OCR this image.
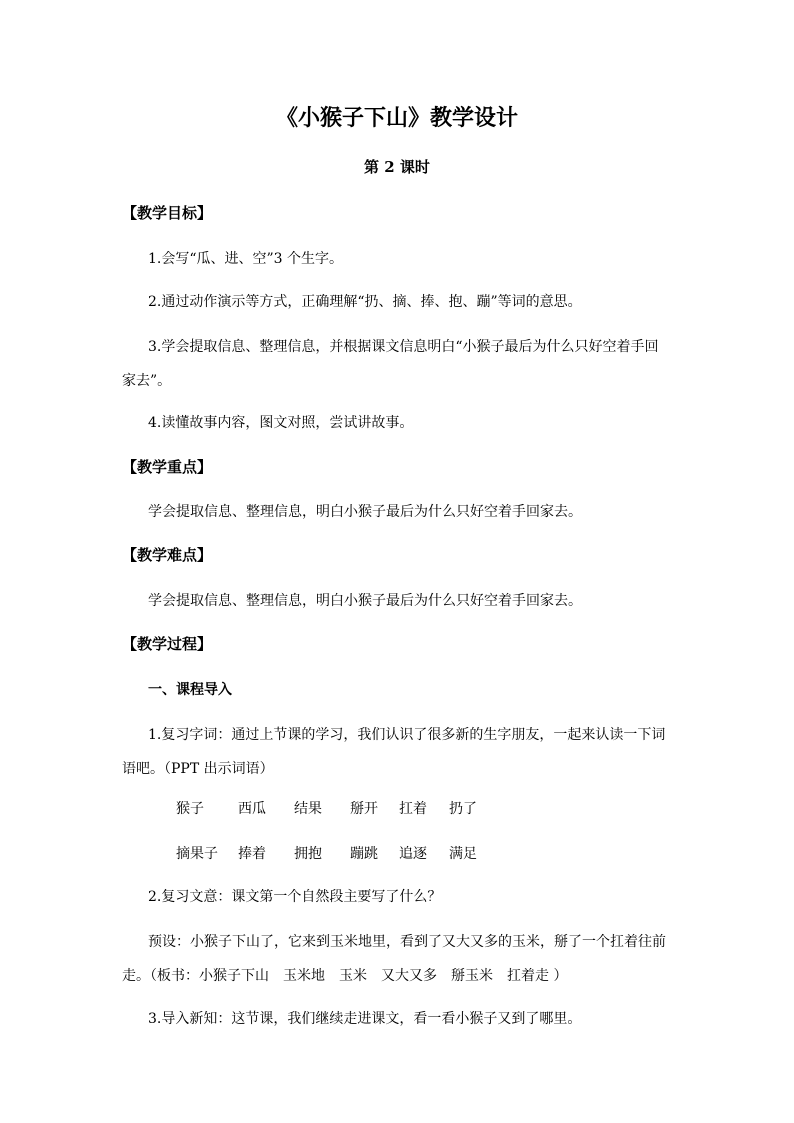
《小猴子下山》教学设计
第 2 课时
【教学目标】
1.会写“瓜、进、空”3 个生字。
2.通过动作演示等方式，正确理解“扔、摘、捧、抱、蹦”等词的意思。
3.学会提取信息、整理信息，并根据课文信息明白“小猴子最后为什么只好空着手回家去”。
4.读懂故事内容，图文对照，尝试讲故事。
【教学重点】
学会提取信息、整理信息，明白小猴子最后为什么只好空着手回家去。
【教学难点】
学会提取信息、整理信息，明白小猴子最后为什么只好空着手回家去。
【教学过程】
一、课程导入
1.复习字词：通过上节课的学习，我们认识了很多新的生字朋友，一起来认读一下词语吧。（PPT 出示词语）
猴子 西瓜 结果 掰开 扛着 扔了
摘果子 捧着 拥抱 蹦跳 追逐 满足
2.复习文意：课文第一个自然段主要写了什么？
预设：小猴子下山了，它来到玉米地里，看到了又大又多的玉米，掰了一个扛着往前走。（板书：小猴子下山　玉米地　玉米　又大又多　掰玉米　扛着走 ）
3.导入新知：这节课，我们继续走进课文，看一看小猴子又到了哪里。
